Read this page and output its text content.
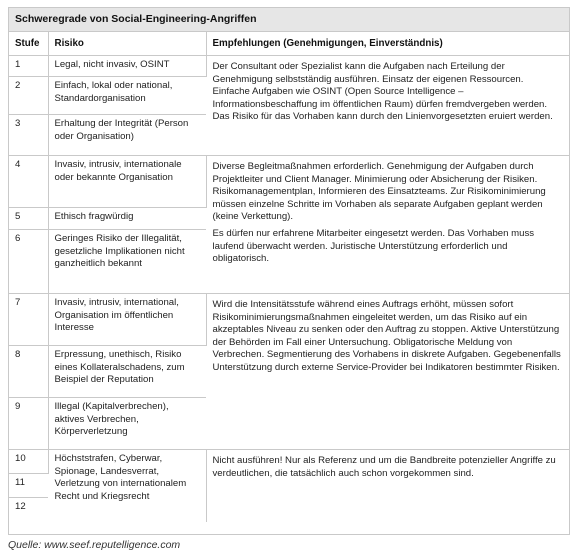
Schweregrade von Social-Engineering-Angriffen
Stufe	Risiko	Empfehlungen (Genehmigungen, Einverständnis)
1	Legal, nicht invasiv, OSINT	Der Consultant oder Spezialist kann die Aufgaben nach Erteilung der Genehmigung selbstständig ausführen. Einsatz der eigenen Ressourcen. Einfache Aufgaben wie OSINT (Open Source Intelligence – Informationsbeschaffung im öffentlichen Raum) dürfen fremdvergeben werden. Das Risiko für das Vorhaben kann durch den Linienvorgesetzten eruiert werden.

2	Einfach, lokal oder national, Standardorganisation	
3	Erhaltung der Integrität (Person oder Organisation)	
4	Invasiv, intrusiv, internationale oder bekannte Organisation	Diverse Begleitmaßnahmen erforderlich. Genehmigung der Aufgaben durch Projektleiter und Client Manager. Minimierung oder Absicherung der Risiken. Risikomanagementplan, Informieren des Einsatzteams. Zur Risikominimierung müssen einzelne Schritte im Vorhaben als separate Aufgaben geplant werden (keine Verkettung).

Es dürfen nur erfahrene Mitarbeiter eingesetzt werden. Das Vorhaben muss laufend überwacht werden. Juristische Unterstützung erforderlich und obligatorisch.

5	Ethisch fragwürdig	
6	Geringes Risiko der Illegalität, gesetzliche Implikationen nicht ganzheitlich bekannt	
7	Invasiv, intrusiv, international, Organisation im öffentlichen Interesse	Wird die Intensitätsstufe während eines Auftrags erhöht, müssen sofort Risikominimierungsmaßnahmen eingeleitet werden, um das Risiko auf ein akzeptables Niveau zu senken oder den Auftrag zu stoppen. Aktive Unterstützung der Behörden im Fall einer Untersuchung. Obligatorische Meldung von Verbrechen. Segmentierung des Vorhabens in diskrete Aufgaben. Gegebenenfalls Unterstützung durch externe Service-Provider bei Indikatoren bestimmter Risiken.

8	Erpressung, unethisch, Risiko eines Kollateralschadens, zum Beispiel der Reputation	
9	Illegal (Kapitalverbrechen), aktives Verbrechen, Körperverletzung	
10	Höchststrafen, Cyberwar, Spionage, Landesverrat, Verletzung von internationalem Recht und Kriegsrecht	Nicht ausführen! Nur als Referenz und um die Bandbreite potenzieller Angriffe zu verdeutlichen, die tatsächlich auch schon vorgekommen sind.

11		
12		
Quelle: www.seef.reputelligence.com
